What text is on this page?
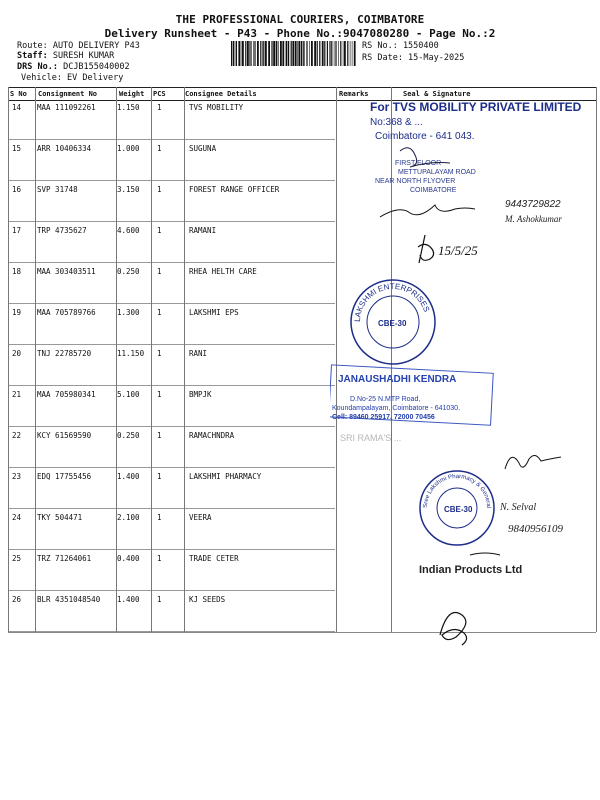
THE PROFESSIONAL COURIERS, COIMBATORE
Delivery Runsheet - P43 - Phone No.:9047080280 - Page No.:2
Route: AUTO DELIVERY P43
Staff: SURESH KUMAR
DRS No.: DCJB155040002
Vehicle: EV Delivery
RS No.: 1550400
RS Date: 15-May-2025
S No Consignment No	Weight PCS	Consignee Details	Remarks	Seal & Signature
14 MAA 111092261	1.150 1	TVS MOBILITY
15 ARR 10406334	1.000 1	SUGUNA
16 SVP 31748	3.150 1	FOREST RANGE OFFICER
17 TRP 4735627	4.600 1	RAMANI
18 MAA 303403511	0.250 1	RHEA HELTH CARE
19 MAA 705789766	1.300 1	LAKSHMI EPS
20 TNJ 22785720	11.150 1	RANI
21 MAA 705980341	5.100 1	BMPJK
22 KCY 61569590	0.250 1	RAMACHNDRA
23 EDQ 17755456	1.400 1	LAKSHMI PHARMACY
24 TKY 504471	2.100 1	VEERA
25 TRZ 71264061	0.400 1	TRADE CETER
26 BLR 4351048540 1.400 1	KJ SEEDS
For TVS MOBILITY PRIVATE LIMITED
No:368 & ...
Coimbatore - 641 043.
FIRST FLOOR
METTUPALAYAM ROAD
NEAR NORTH FLYOVER
COIMBATORE
9443729822
M. Ashokkumar
15/5/25
LAKSHMI ENTERPRISES
CBE-30
JANAUSHADHI KENDRA
D.No-25 N.MTP Road,
Koundampalayam, Coimbatore - 641030.
Cell: 89460 25917, 72000 70456
SRI RAMA'S ...
Sree Lakshmi Pharmacy & General
CBE-30	N. Selval
9840956109
Indian Products Ltd
